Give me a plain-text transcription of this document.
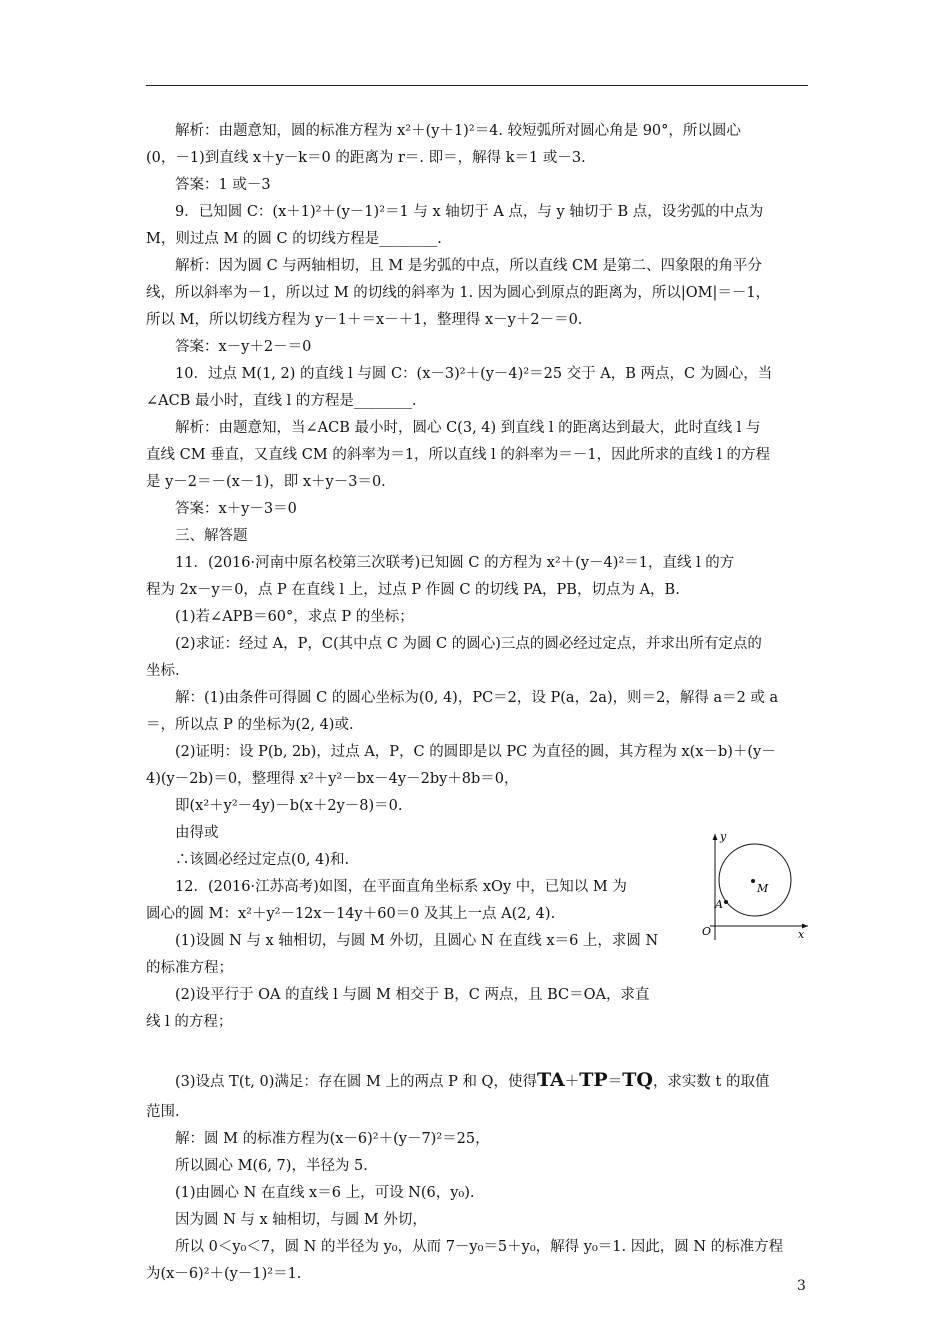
解析：由题意知，圆的标准方程为 x²＋(y＋1)²＝4. 较短弧所对圆心角是 90°，所以圆心

(0，－1)到直线 x＋y－k＝0 的距离为 r＝. 即＝，解得 k＝1 或－3.

答案：1 或－3

9．已知圆 C：(x＋1)²＋(y－1)²＝1 与 x 轴切于 A 点，与 y 轴切于 B 点，设劣弧的中点为

M，则过点 M 的圆 C 的切线方程是________.

解析：因为圆 C 与两轴相切，且 M 是劣弧的中点，所以直线 CM 是第二、四象限的角平分

线，所以斜率为－1，所以过 M 的切线的斜率为 1. 因为圆心到原点的距离为，所以|OM|＝－1，

所以 M，所以切线方程为 y－1＋＝x－＋1，整理得 x－y＋2－＝0.

答案：x－y＋2－＝0

10．过点 M(1, 2) 的直线 l 与圆 C：(x－3)²＋(y－4)²＝25 交于 A，B 两点，C 为圆心，当

∠ACB 最小时，直线 l 的方程是________.

解析：由题意知，当∠ACB 最小时，圆心 C(3, 4) 到直线 l 的距离达到最大，此时直线 l 与

直线 CM 垂直，又直线 CM 的斜率为＝1，所以直线 l 的斜率为＝－1，因此所求的直线 l 的方程

是 y－2＝－(x－1)，即 x＋y－3＝0.

答案：x＋y－3＝0

三、解答题

11．(2016·河南中原名校第三次联考)已知圆 C 的方程为 x²＋(y－4)²＝1，直线 l 的方

程为 2x－y＝0，点 P 在直线 l 上，过点 P 作圆 C 的切线 PA，PB，切点为 A，B.

(1)若∠APB＝60°，求点 P 的坐标；

(2)求证：经过 A，P，C(其中点 C 为圆 C 的圆心)三点的圆必经过定点，并求出所有定点的

坐标.

解：(1)由条件可得圆 C 的圆心坐标为(0, 4)，PC＝2，设 P(a，2a)，则＝2，解得 a＝2 或 a

＝，所以点 P 的坐标为(2, 4)或.

(2)证明：设 P(b, 2b)，过点 A，P，C 的圆即是以 PC 为直径的圆，其方程为 x(x－b)＋(y－

4)(y－2b)＝0，整理得 x²＋y²－bx－4y－2by＋8b＝0，

即(x²＋y²－4y)－b(x＋2y－8)＝0.

由得或

∴该圆必经过定点(0, 4)和.

12．(2016·江苏高考)如图，在平面直角坐标系 xOy 中，已知以 M 为

圆心的圆 M：x²＋y²－12x－14y＋60＝0 及其上一点 A(2, 4).

(1)设圆 N 与 x 轴相切，与圆 M 外切，且圆心 N 在直线 x＝6 上，求圆 N

的标准方程；

(2)设平行于 OA 的直线 l 与圆 M 相交于 B，C 两点，且 BC＝OA，求直

线 l 的方程；

(3)设点 T(t, 0)满足：存在圆 M 上的两点 P 和 Q，使得TA＋TP＝TQ，求实数 t 的取值

范围.

解：圆 M 的标准方程为(x－6)²＋(y－7)²＝25，

所以圆心 M(6, 7)，半径为 5.

(1)由圆心 N 在直线 x＝6 上，可设 N(6，y₀).

因为圆 N 与 x 轴相切，与圆 M 外切，

所以 0＜y₀＜7，圆 N 的半径为 y₀，从而 7－y₀＝5＋y₀，解得 y₀＝1. 因此，圆 N 的标准方程

为(x－6)²＋(y－1)²＝1.

y
x
O
A
M
3
